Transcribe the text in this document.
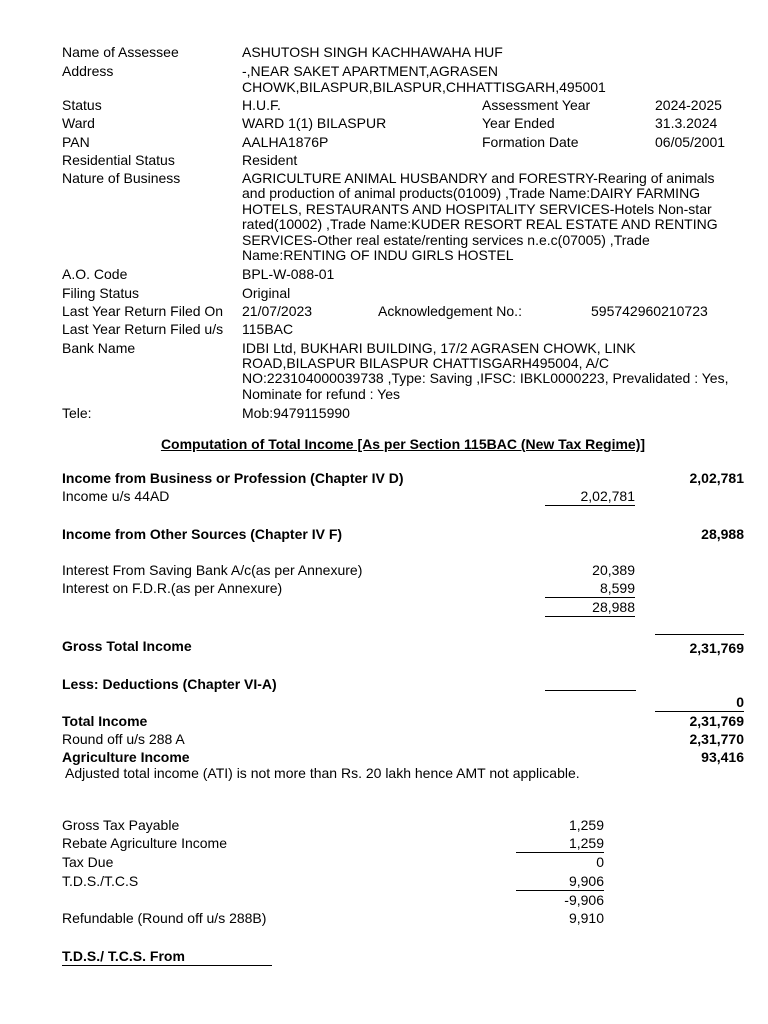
Name of Assessee	ASHUTOSH SINGH KACHHAWAHA HUF
Address	-,NEAR SAKET APARTMENT,AGRASEN
CHOWK,BILASPUR,BILASPUR,CHHATTISGARH,495001
Status	H.U.F.	Assessment Year	2024-2025
Ward	WARD 1(1) BILASPUR	Year Ended	31.3.2024
PAN	AALHA1876P	Formation Date	06/05/2001
Residential Status	Resident
Nature of Business	AGRICULTURE ANIMAL HUSBANDRY and FORESTRY-Rearing of animals
and production of animal products(01009) ,Trade Name:DAIRY FARMING
HOTELS, RESTAURANTS AND HOSPITALITY SERVICES-Hotels Non-star
rated(10002) ,Trade Name:KUDER RESORT REAL ESTATE AND RENTING
SERVICES-Other real estate/renting services n.e.c(07005) ,Trade
Name:RENTING OF INDU GIRLS HOSTEL
A.O. Code	BPL-W-088-01
Filing Status	Original
Last Year Return Filed On 21/07/2023	Acknowledgement No.:	595742960210723
Last Year Return Filed u/s 115BAC
Bank Name	IDBI Ltd, BUKHARI BUILDING, 17/2 AGRASEN CHOWK, LINK
ROAD,BILASPUR BILASPUR CHATTISGARH495004, A/C
NO:223104000039738 ,Type: Saving ,IFSC: IBKL0000223, Prevalidated : Yes,
Nominate for refund : Yes
Tele:	Mob:9479115990
Computation of Total Income [As per Section 115BAC (New Tax Regime)]
Income from Business or Profession (Chapter IV D)	2,02,781
Income u/s 44AD	2,02,781
Income from Other Sources (Chapter IV F)	28,988
Interest From Saving Bank A/c(as per Annexure)	20,389
Interest on F.D.R.(as per Annexure)	8,599
28,988
Gross Total Income	2,31,769
Less: Deductions (Chapter VI-A)
0
Total Income	2,31,769
Round off u/s 288 A	2,31,770
Agriculture Income	93,416
Adjusted total income (ATI) is not more than Rs. 20 lakh hence AMT not applicable.
Gross Tax Payable	1,259
Rebate Agriculture Income	1,259
Tax Due	0
T.D.S./T.C.S	9,906
-9,906
Refundable (Round off u/s 288B)	9,910
T.D.S./ T.C.S. From
